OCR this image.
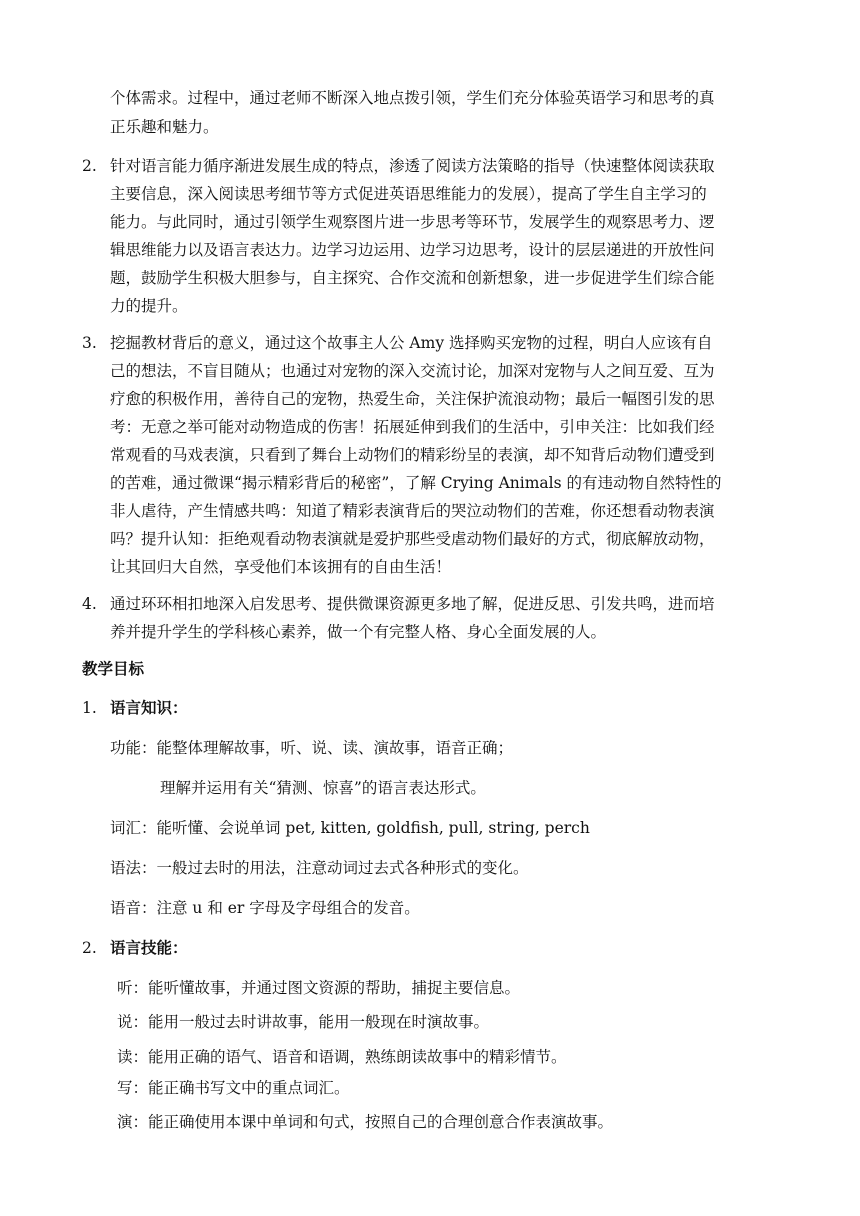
个体需求。过程中，通过老师不断深入地点拨引领，学生们充分体验英语学习和思考的真
正乐趣和魅力。
2. 针对语言能力循序渐进发展生成的特点，渗透了阅读方法策略的指导（快速整体阅读获取
主要信息，深入阅读思考细节等方式促进英语思维能力的发展），提高了学生自主学习的
能力。与此同时，通过引领学生观察图片进一步思考等环节，发展学生的观察思考力、逻
辑思维能力以及语言表达力。边学习边运用、边学习边思考，设计的层层递进的开放性问
题，鼓励学生积极大胆参与，自主探究、合作交流和创新想象，进一步促进学生们综合能
力的提升。
3. 挖掘教材背后的意义，通过这个故事主人公 Amy 选择购买宠物的过程，明白人应该有自
己的想法，不盲目随从；也通过对宠物的深入交流讨论，加深对宠物与人之间互爱、互为
疗愈的积极作用，善待自己的宠物，热爱生命，关注保护流浪动物；最后一幅图引发的思
考：无意之举可能对动物造成的伤害！拓展延伸到我们的生活中，引申关注：比如我们经
常观看的马戏表演，只看到了舞台上动物们的精彩纷呈的表演，却不知背后动物们遭受到
的苦难，通过微课“揭示精彩背后的秘密”，了解 Crying Animals 的有违动物自然特性的
非人虐待，产生情感共鸣：知道了精彩表演背后的哭泣动物们的苦难，你还想看动物表演
吗？提升认知：拒绝观看动物表演就是爱护那些受虐动物们最好的方式，彻底解放动物，
让其回归大自然，享受他们本该拥有的自由生活！
4. 通过环环相扣地深入启发思考、提供微课资源更多地了解，促进反思、引发共鸣，进而培
养并提升学生的学科核心素养，做一个有完整人格、身心全面发展的人。
教学目标
1. 语言知识：
功能：能整体理解故事，听、说、读、演故事，语音正确；
理解并运用有关“猜测、惊喜”的语言表达形式。
词汇：能听懂、会说单词 pet, kitten, goldfish, pull, string, perch
语法：一般过去时的用法，注意动词过去式各种形式的变化。
语音：注意 u 和 er 字母及字母组合的发音。
2. 语言技能：
听：能听懂故事，并通过图文资源的帮助，捕捉主要信息。
说：能用一般过去时讲故事，能用一般现在时演故事。
读：能用正确的语气、语音和语调，熟练朗读故事中的精彩情节。
写：能正确书写文中的重点词汇。
演：能正确使用本课中单词和句式，按照自己的合理创意合作表演故事。
